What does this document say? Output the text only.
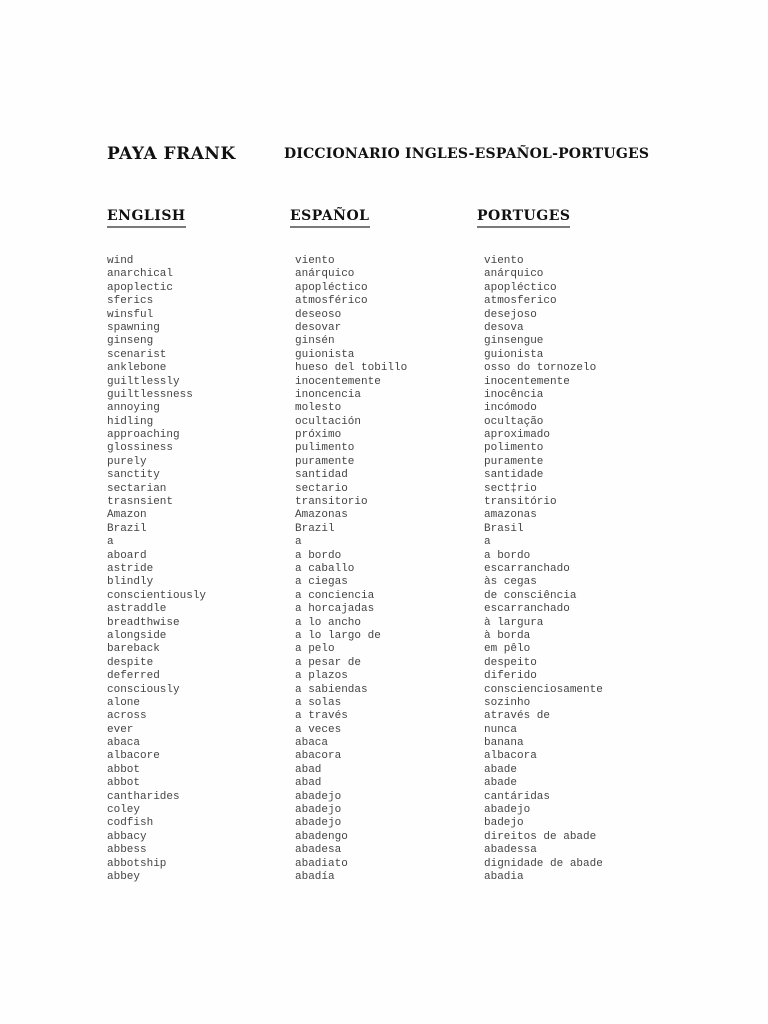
PAYA FRANK	DICCIONARIO INGLES-ESPAÑOL-PORTUGES
ENGLISH	ESPAÑOL	PORTUGES
wind	viento	viento
anarchical	anárquico	anárquico
apoplectic	apopléctico	apopléctico
sferics	atmosférico	atmosferico
winsful	deseoso	desejoso
spawning	desovar	desova
ginseng	ginsén	ginsengue
scenarist	guionista	guionista
anklebone	hueso del tobillo	osso do tornozelo
guiltlessly	inocentemente	inocentemente
guiltlessness	inoncencia	inocência
annoying	molesto	incómodo
hidling	ocultación	ocultação
approaching	próximo	aproximado
glossiness	pulimento	polimento
purely	puramente	puramente
sanctity	santidad	santidade
sectarian	sectario	sect‡rio
trasnsient	transitorio	transitório
Amazon	Amazonas	amazonas
Brazil	Brazil	Brasil
a	a	a
aboard	a bordo	a bordo
astride	a caballo	escarranchado
blindly	a ciegas	às cegas
conscientiously	a conciencia	de consciência
astraddle	a horcajadas	escarranchado
breadthwise	a lo ancho	à largura
alongside	a lo largo de	à borda
bareback	a pelo	em pêlo
despite	a pesar de	despeito
deferred	a plazos	diferido
consciously	a sabiendas	conscienciosamente
alone	a solas	sozinho
across	a través	através de
ever	a veces	nunca
abaca	abaca	banana
albacore	abacora	albacora
abbot	abad	abade
abbot	abad	abade
cantharides	abadejo	cantáridas
coley	abadejo	abadejo
codfish	abadejo	badejo
abbacy	abadengo	direitos de abade
abbess	abadesa	abadessa
abbotship	abadiato	dignidade de abade
abbey	abadía	abadia
